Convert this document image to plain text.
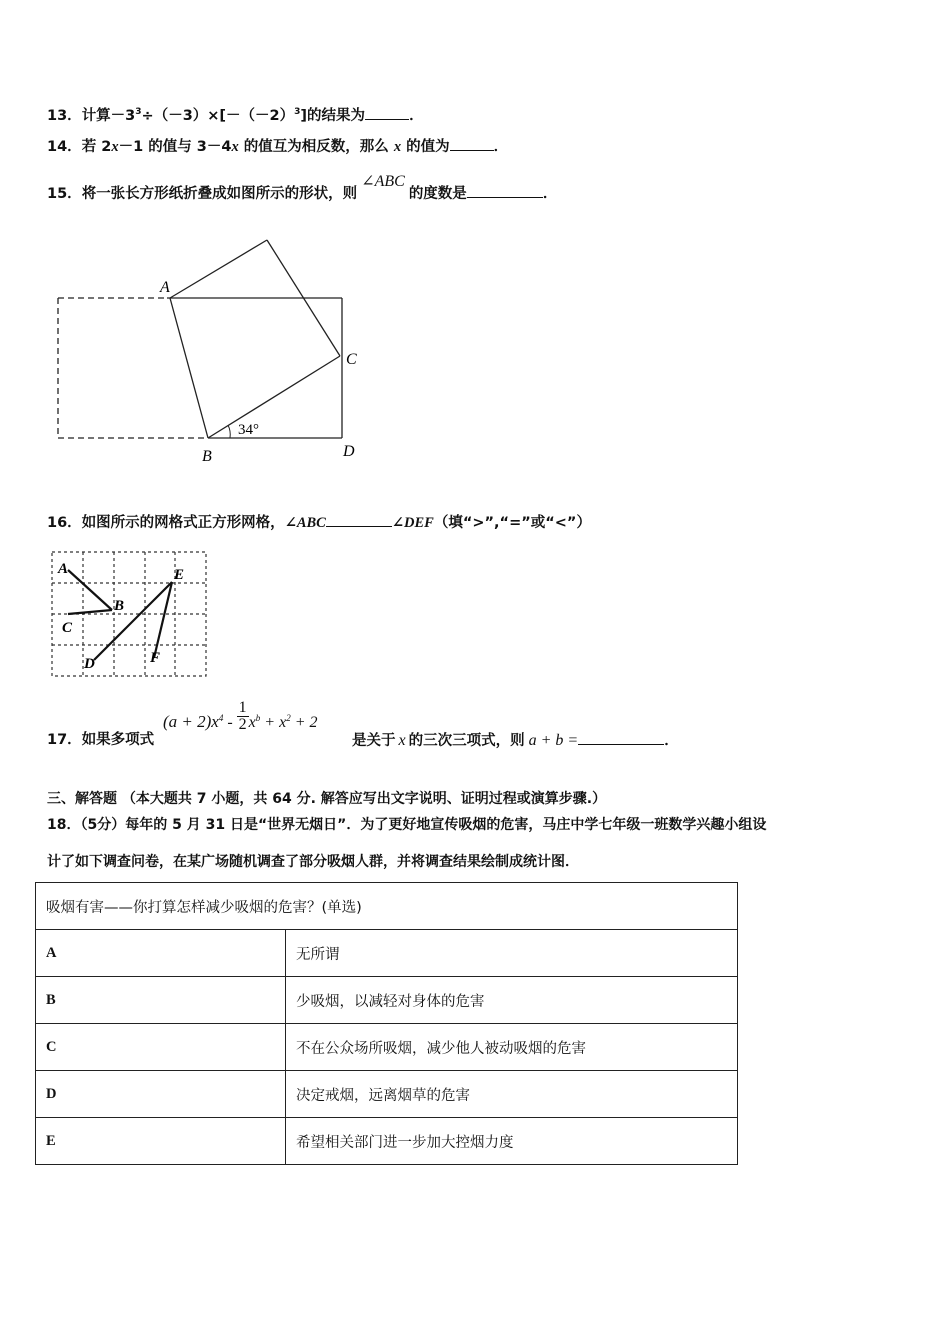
13．计算$-3^3\div(-3)\times[-(-2)^3]$的结果为	．
14．若 2x－1 的值与 3－4x 的值互为相反数，那么 x 的值为	．
15．将一张长方形纸折叠成如图所示的形状，则∠ABC的度数是	．
A
B
C
D
34°
16．如图所示的网格式正方形网格，∠ABC	∠DEF（填“>”,“=”或“<”）
A
B
C
D
E
F
17．如果多项式
$(a + 2)x^4 - \frac{1}{2} x^b + x^2 + 2$
是关于 x 的三次三项式，则 a + b =	．
三、解答题 （本大题共 7 小题，共 64 分. 解答应写出文字说明、证明过程或演算步骤.）
18．（5分）每年的 5 月 31 日是“世界无烟日”．为了更好地宣传吸烟的危害，马庄中学七年级一班数学兴趣小组设
计了如下调查问卷，在某广场随机调查了部分吸烟人群，并将调查结果绘制成统计图．
吸烟有害——你打算怎样减少吸烟的危害？(单选)	
A	无所谓
B	少吸烟，以减轻对身体的危害
C	不在公众场所吸烟，减少他人被动吸烟的危害
D	决定戒烟，远离烟草的危害
E	希望相关部门进一步加大控烟力度
